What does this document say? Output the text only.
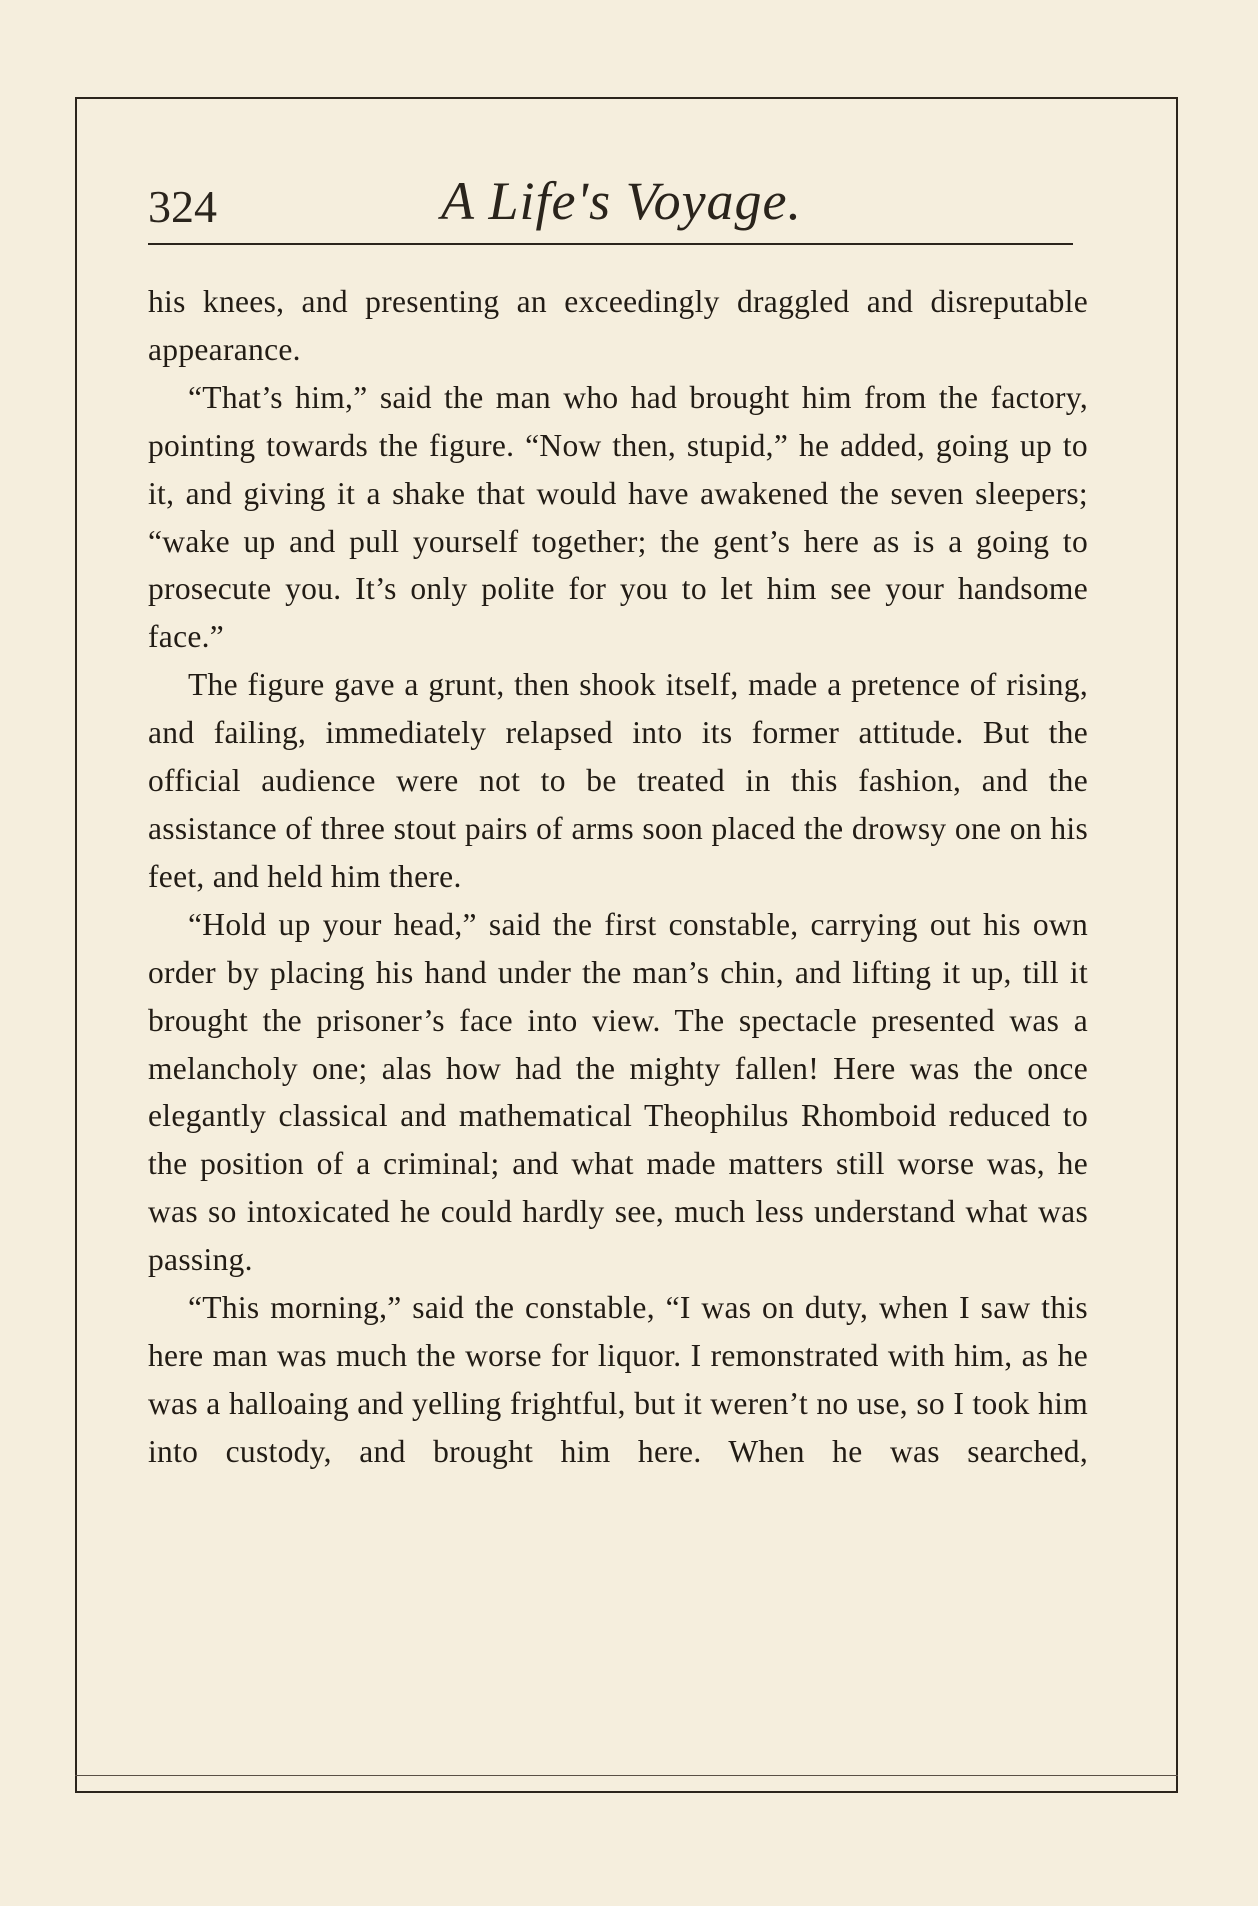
324	A Life's Voyage.

his knees, and presenting an exceedingly draggled and disreputable appearance.

“That’s him,” said the man who had brought him from the factory, pointing towards the figure. “Now then, stupid,” he added, going up to it, and giving it a shake that would have awakened the seven sleepers; “wake up and pull yourself together; the gent’s here as is a going to prosecute you. It’s only polite for you to let him see your handsome face.”

The figure gave a grunt, then shook itself, made a pretence of rising, and failing, immediately relapsed into its former attitude. But the official audience were not to be treated in this fashion, and the assistance of three stout pairs of arms soon placed the drowsy one on his feet, and held him there.

“Hold up your head,” said the first constable, carrying out his own order by placing his hand under the man’s chin, and lifting it up, till it brought the prisoner’s face into view. The spectacle presented was a melancholy one; alas how had the mighty fallen! Here was the once elegantly classical and mathematical Theophilus Rhomboid reduced to the position of a criminal; and what made matters still worse was, he was so intoxicated he could hardly see, much less understand what was passing.

“This morning,” said the constable, “I was on duty, when I saw this here man was much the worse for liquor. I remonstrated with him, as he was a halloaing and yelling frightful, but it weren’t no use, so I took him into custody, and brought him here. When he was searched,
